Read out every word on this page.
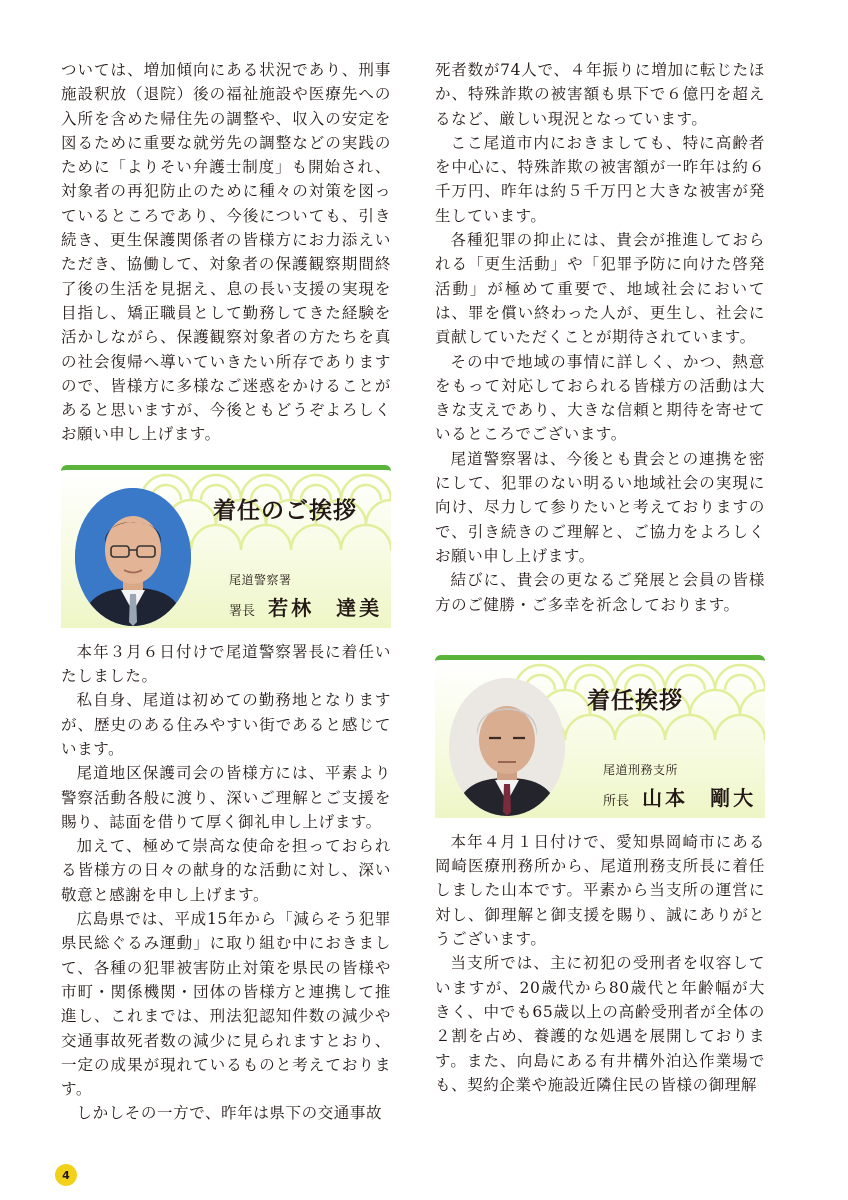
ついては、増加傾向にある状況であり、刑事施設釈放（退院）後の福祉施設や医療先への入所を含めた帰住先の調整や、収入の安定を図るために重要な就労先の調整などの実践のために「よりそい弁護士制度」も開始され、対象者の再犯防止のために種々の対策を図っているところであり、今後についても、引き続き、更生保護関係者の皆様方にお力添えいただき、協働して、対象者の保護観察期間終了後の生活を見据え、息の長い支援の実現を目指し、矯正職員として勤務してきた経験を活かしながら、保護観察対象者の方たちを真の社会復帰へ導いていきたい所存でありますので、皆様方に多様なご迷惑をかけることがあると思いますが、今後ともどうぞよろしくお願い申し上げます。

着任のご挨拶
尾道警察署
署長 若林 達美

本年３月６日付けで尾道警察署長に着任いたしました。

私自身、尾道は初めての勤務地となりますが、歴史のある住みやすい街であると感じています。

尾道地区保護司会の皆様方には、平素より警察活動各般に渡り、深いご理解とご支援を賜り、誌面を借りて厚く御礼申し上げます。

加えて、極めて崇高な使命を担っておられる皆様方の日々の献身的な活動に対し、深い敬意と感謝を申し上げます。

広島県では、平成15年から「減らそう犯罪県民総ぐるみ運動」に取り組む中におきまして、各種の犯罪被害防止対策を県民の皆様や市町・関係機関・団体の皆様方と連携して推進し、これまでは、刑法犯認知件数の減少や交通事故死者数の減少に見られますとおり、一定の成果が現れているものと考えております。

しかしその一方で、昨年は県下の交通事故

死者数が74人で、４年振りに増加に転じたほか、特殊詐欺の被害額も県下で６億円を超えるなど、厳しい現況となっています。

ここ尾道市内におきましても、特に高齢者を中心に、特殊詐欺の被害額が一昨年は約６千万円、昨年は約５千万円と大きな被害が発生しています。

各種犯罪の抑止には、貴会が推進しておられる「更生活動」や「犯罪予防に向けた啓発活動」が極めて重要で、地域社会においては、罪を償い終わった人が、更生し、社会に貢献していただくことが期待されています。

その中で地域の事情に詳しく、かつ、熱意をもって対応しておられる皆様方の活動は大きな支えであり、大きな信頼と期待を寄せているところでございます。

尾道警察署は、今後とも貴会との連携を密にして、犯罪のない明るい地域社会の実現に向け、尽力して参りたいと考えておりますので、引き続きのご理解と、ご協力をよろしくお願い申し上げます。

結びに、貴会の更なるご発展と会員の皆様方のご健勝・ご多幸を祈念しております。

着任挨拶
尾道刑務支所
所長 山本 剛大

本年４月１日付けで、愛知県岡崎市にある岡崎医療刑務所から、尾道刑務支所長に着任しました山本です。平素から当支所の運営に対し、御理解と御支援を賜り、誠にありがとうございます。

当支所では、主に初犯の受刑者を収容していますが、20歳代から80歳代と年齢幅が大きく、中でも65歳以上の高齢受刑者が全体の２割を占め、養護的な処遇を展開しております。また、向島にある有井構外泊込作業場でも、契約企業や施設近隣住民の皆様の御理解

4
